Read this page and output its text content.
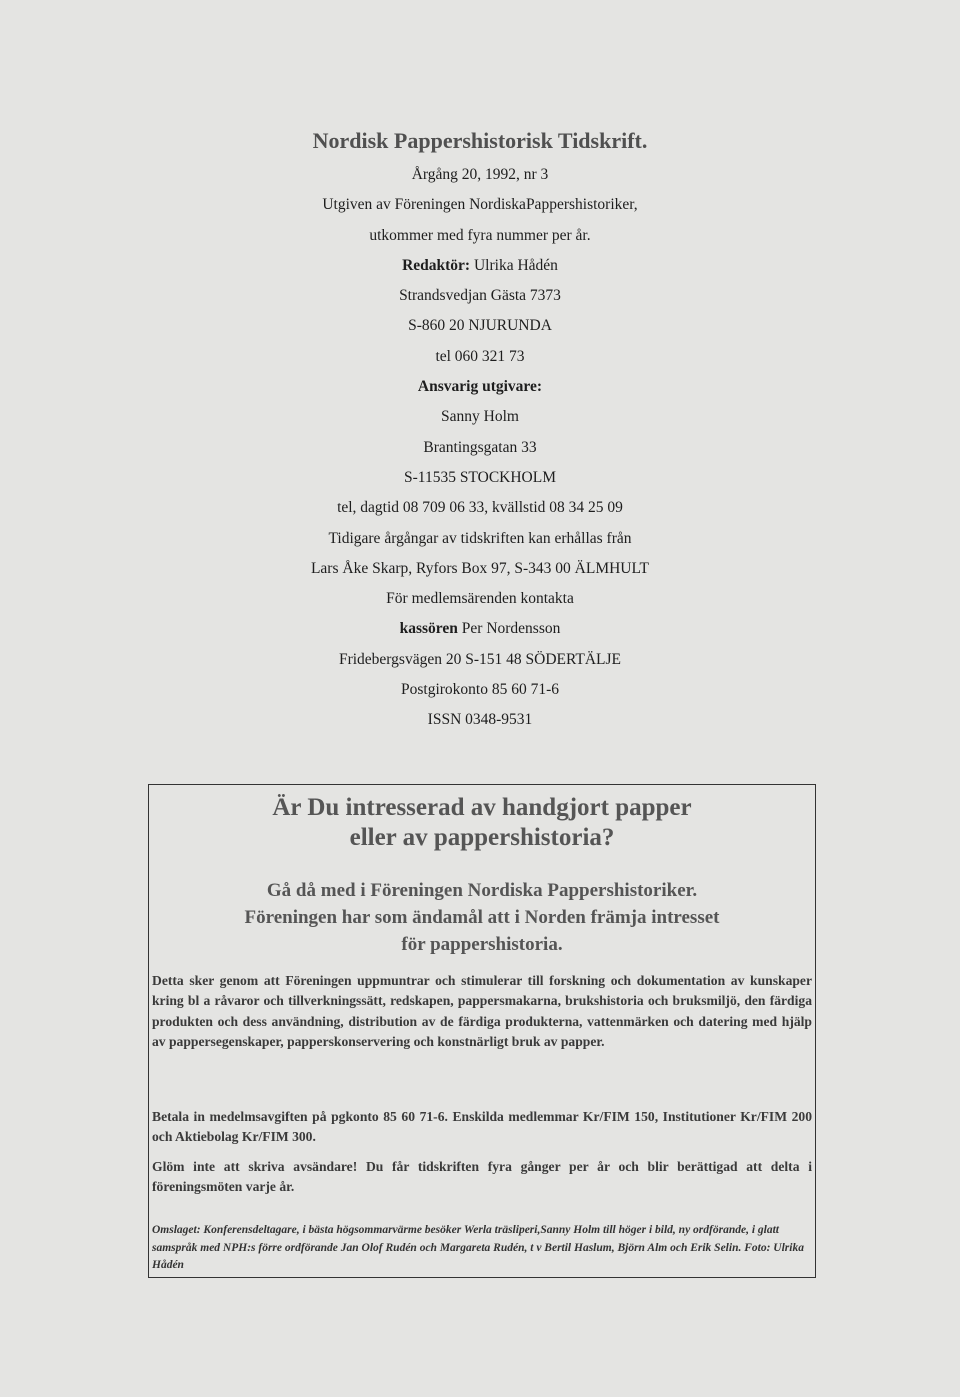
Nordisk Pappershistorisk Tidskrift.
Årgång 20, 1992, nr 3
Utgiven av Föreningen NordiskaPappershistoriker,
utkommer med fyra nummer per år.
Redaktör: Ulrika Hådén
Strandsvedjan Gästa 7373
S-860 20 NJURUNDA
tel 060 321 73
Ansvarig utgivare:
Sanny Holm
Brantingsgatan 33
S-11535 STOCKHOLM
tel, dagtid 08 709 06 33, kvällstid 08 34 25 09
Tidigare årgångar av tidskriften kan erhållas från
Lars Åke Skarp, Ryfors Box 97, S-343 00 ÄLMHULT
För medlemsärenden kontakta
kassören Per Nordensson
Fridebergsvägen 20 S-151 48 SÖDERTÄLJE
Postgirokonto 85 60 71-6
ISSN 0348-9531
Är Du intresserad av handgjort papper
eller av pappershistoria?
Gå då med i Föreningen Nordiska Pappershistoriker.
Föreningen har som ändamål att i Norden främja intresset
för pappershistoria.
Detta sker genom att Föreningen uppmuntrar och stimulerar till forskning och dokumentation av kunskaper kring bl a råvaror och tillverkningssätt, redskapen, pappersmakarna, brukshistoria och bruksmiljö, den färdiga produkten och dess användning, distribution av de färdiga produkterna, vattenmärken och datering med hjälp av pappersegenskaper, papperskonservering och konstnärligt bruk av papper.
Betala in medelmsavgiften på pgkonto 85 60 71-6. Enskilda medlemmar Kr/FIM 150, Institutioner Kr/FIM 200 och Aktiebolag Kr/FIM 300.
Glöm inte att skriva avsändare! Du får tidskriften fyra gånger per år och blir berättigad att delta i föreningsmöten varje år.
Omslaget: Konferensdeltagare, i bästa högsommarvärme besöker Werla träsliperi,Sanny Holm till höger i bild, ny ordförande, i glatt samspråk med NPH:s förre ordförande Jan Olof Rudén och Margareta Rudén, t v Bertil Haslum, Björn Alm och Erik Selin. Foto: Ulrika Hådén
